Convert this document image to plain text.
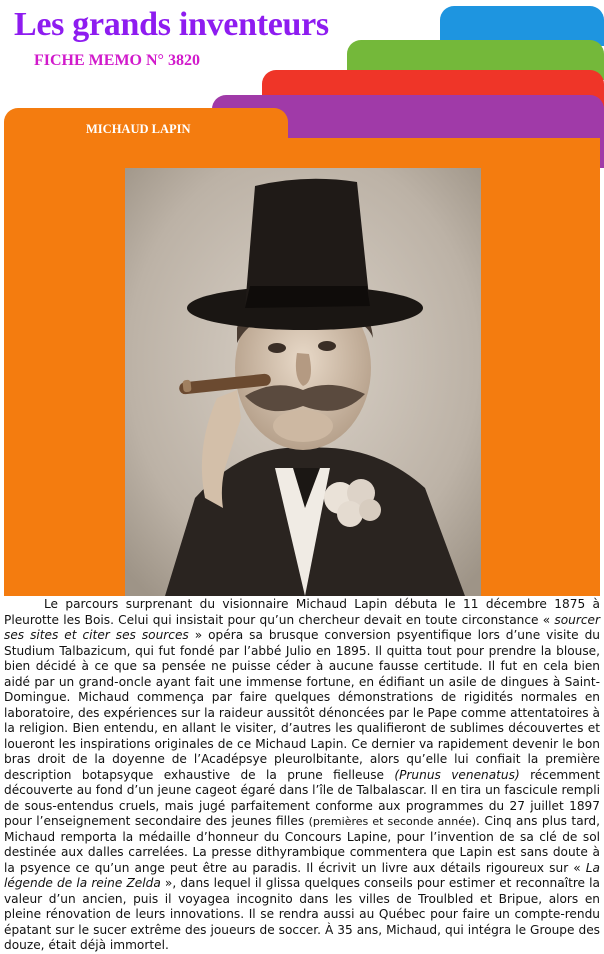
Les grands inventeurs
FICHE MEMO N° 3820
MICHAUD LAPIN
Le parcours surprenant du visionnaire Michaud Lapin débuta le 11 décembre 1875 à Pleurotte les Bois. Celui qui insistait pour qu’un chercheur devait en toute circonstance « sourcer ses sites et citer ses sources » opéra sa brusque conversion psyentifique lors d’une visite du Studium Talbazicum, qui fut fondé par l’abbé Julio en 1895. Il quitta tout pour prendre la blouse, bien décidé à ce que sa pensée ne puisse céder à aucune fausse certitude. Il fut en cela bien aidé par un grand-oncle ayant fait une immense fortune, en édifiant un asile de dingues à Saint-Domingue. Michaud commença par faire quelques démonstrations de rigidités normales en laboratoire, des expériences sur la raideur aussitôt dénoncées par le Pape comme attentatoires à la religion. Bien entendu, en allant le visiter, d’autres les qualifieront de sublimes découvertes et loueront les inspirations originales de ce Michaud Lapin. Ce dernier va rapidement devenir le bon bras droit de la doyenne de l’Acadépsye pleurolbitante, alors qu’elle lui confiait la première description botapsyque exhaustive de la prune fielleuse (Prunus venenatus) récemment découverte au fond d’un jeune cageot égaré dans l’île de Talbalascar. Il en tira un fascicule rempli de sous-entendus cruels, mais jugé parfaitement conforme aux programmes du 27 juillet 1897 pour l’enseignement secondaire des jeunes filles (premières et seconde année). Cinq ans plus tard, Michaud remporta la médaille d’honneur du Concours Lapine, pour l’invention de sa clé de sol destinée aux dalles carrelées. La presse dithyrambique commentera que Lapin est sans doute à la psyence ce qu’un ange peut être au paradis. Il écrivit un livre aux détails rigoureux sur « La légende de la reine Zelda », dans lequel il glissa quelques conseils pour estimer et reconnaître la valeur d’un ancien, puis il voyagea incognito dans les villes de Troulbled et Bripue, alors en pleine rénovation de leurs innovations. Il se rendra aussi au Québec pour faire un compte-rendu épatant sur le sucer extrême des joueurs de soccer. À 35 ans, Michaud, qui intégra le Groupe des douze, était déjà immortel.
